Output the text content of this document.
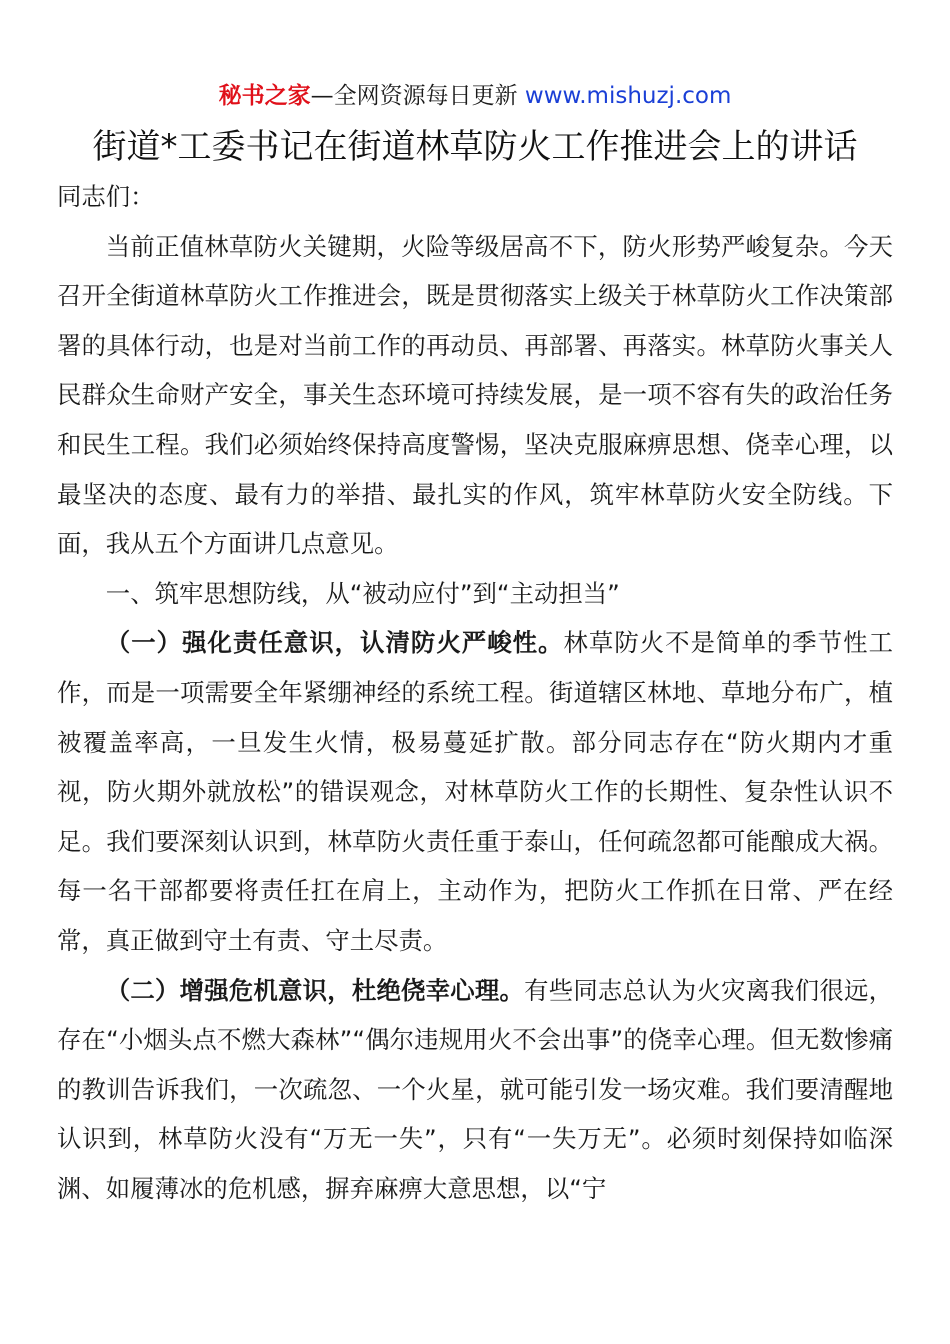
秘书之家—全网资源每日更新 www.mishuzj.com
街道*工委书记在街道林草防火工作推进会上的讲话

同志们：

当前正值林草防火关键期，火险等级居高不下，防火形势严峻复杂。今天召开全街道林草防火工作推进会，既是贯彻落实上级关于林草防火工作决策部署的具体行动，也是对当前工作的再动员、再部署、再落实。林草防火事关人民群众生命财产安全，事关生态环境可持续发展，是一项不容有失的政治任务和民生工程。我们必须始终保持高度警惕，坚决克服麻痹思想、侥幸心理，以最坚决的态度、最有力的举措、最扎实的作风，筑牢林草防火安全防线。下面，我从五个方面讲几点意见。

一、筑牢思想防线，从“被动应付”到“主动担当”

（一）强化责任意识，认清防火严峻性。林草防火不是简单的季节性工作，而是一项需要全年紧绷神经的系统工程。街道辖区林地、草地分布广，植被覆盖率高，一旦发生火情，极易蔓延扩散。部分同志存在“防火期内才重视，防火期外就放松”的错误观念，对林草防火工作的长期性、复杂性认识不足。我们要深刻认识到，林草防火责任重于泰山，任何疏忽都可能酿成大祸。每一名干部都要将责任扛在肩上，主动作为，把防火工作抓在日常、严在经常，真正做到守土有责、守土尽责。

（二）增强危机意识，杜绝侥幸心理。有些同志总认为火灾离我们很远，存在“小烟头点不燃大森林”“偶尔违规用火不会出事”的侥幸心理。但无数惨痛的教训告诉我们，一次疏忽、一个火星，就可能引发一场灾难。我们要清醒地认识到，林草防火没有“万无一失”，只有“一失万无”。必须时刻保持如临深渊、如履薄冰的危机感，摒弃麻痹大意思想，以“宁
